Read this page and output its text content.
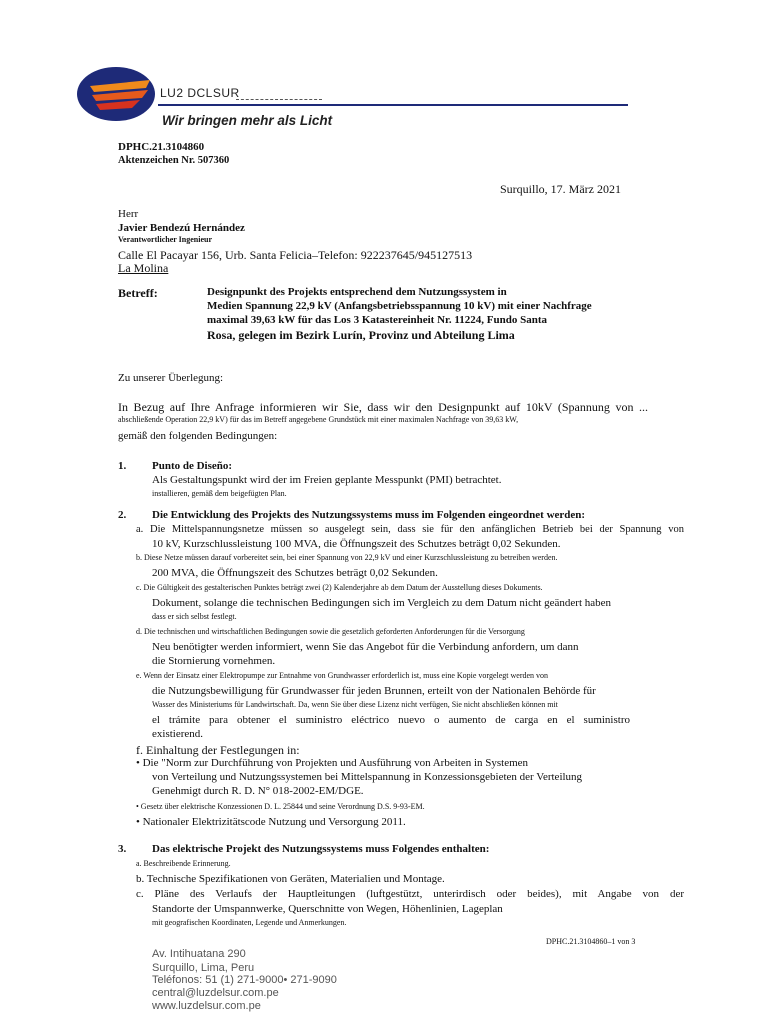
LU2 DCLSUR
Wir bringen mehr als Licht
DPHC.21.3104860
Aktenzeichen Nr. 507360
Surquillo, 17. März 2021
Herr
Javier Bendezú Hernández
Verantwortlicher Ingenieur
Calle El Pacayar 156, Urb. Santa Felicia–Telefon: 922237645/945127513
La Molina
Betreff:	Designpunkt des Projekts entsprechend dem Nutzungssystem in
Medien Spannung 22,9 kV (Anfangsbetriebsspannung 10 kV) mit einer Nachfrage
maximal 39,63 kW für das Los 3 Katastereinheit Nr. 11224, Fundo Santa
Rosa, gelegen im Bezirk Lurín, Provinz und Abteilung Lima
Zu unserer Überlegung:
In Bezug auf Ihre Anfrage informieren wir Sie, dass wir den Designpunkt auf 10kV (Spannung von ...
abschließende Operation 22,9 kV) für das im Betreff angegebene Grundstück mit einer maximalen Nachfrage von 39,63 kW,
gemäß den folgenden Bedingungen:
1. Punto de Diseño:
Als Gestaltungspunkt wird der im Freien geplante Messpunkt (PMI) betrachtet.
installieren, gemäß dem beigefügten Plan.
2. Die Entwicklung des Projekts des Nutzungssystems muss im Folgenden eingeordnet werden:
a. Die Mittelspannungsnetze müssen so ausgelegt sein, dass sie für den anfänglichen Betrieb bei der Spannung von
10 kV, Kurzschlussleistung 100 MVA, die Öffnungszeit des Schutzes beträgt 0,02 Sekunden.
b. Diese Netze müssen darauf vorbereitet sein, bei einer Spannung von 22,9 kV und einer Kurzschlussleistung zu betreiben werden.
200 MVA, die Öffnungszeit des Schutzes beträgt 0,02 Sekunden.
c. Die Gültigkeit des gestalterischen Punktes beträgt zwei (2) Kalenderjahre ab dem Datum der Ausstellung dieses Dokuments.
Dokument, solange die technischen Bedingungen sich im Vergleich zu dem Datum nicht geändert haben
dass er sich selbst festlegt.
d. Die technischen und wirtschaftlichen Bedingungen sowie die gesetzlich geforderten Anforderungen für die Versorgung
Neu benötigter werden informiert, wenn Sie das Angebot für die Verbindung anfordern, um dann
die Stornierung vornehmen.
e. Wenn der Einsatz einer Elektropumpe zur Entnahme von Grundwasser erforderlich ist, muss eine Kopie vorgelegt werden von
die Nutzungsbewilligung für Grundwasser für jeden Brunnen, erteilt von der Nationalen Behörde für
Wasser des Ministeriums für Landwirtschaft. Da, wenn Sie über diese Lizenz nicht verfügen, Sie nicht abschließen können mit
el trámite para obtener el suministro eléctrico nuevo o aumento de carga en el suministro
existierend.
f. Einhaltung der Festlegungen in:
• Die "Norm zur Durchführung von Projekten und Ausführung von Arbeiten in Systemen
von Verteilung und Nutzungssystemen bei Mittelspannung in Konzessionsgebieten der Verteilung
Genehmigt durch R. D. N° 018-2002-EM/DGE.
• Gesetz über elektrische Konzessionen D. L. 25844 und seine Verordnung D.S. 9-93-EM.
• Nationaler Elektrizitätscode Nutzung und Versorgung 2011.
3. Das elektrische Projekt des Nutzungssystems muss Folgendes enthalten:
a. Beschreibende Erinnerung.
b. Technische Spezifikationen von Geräten, Materialien und Montage.
c. Pläne des Verlaufs der Hauptleitungen (luftgestützt, unterirdisch oder beides), mit Angabe von der
Standorte der Umspannwerke, Querschnitte von Wegen, Höhenlinien, Lageplan
mit geografischen Koordinaten, Legende und Anmerkungen.
DPHC.21.3104860–1 von 3
Av. Intihuatana 290
Surquillo, Lima, Peru
Teléfonos: 51 (1) 271-9000• 271-9090
central@luzdelsur.com.pe
www.luzdelsur.com.pe
